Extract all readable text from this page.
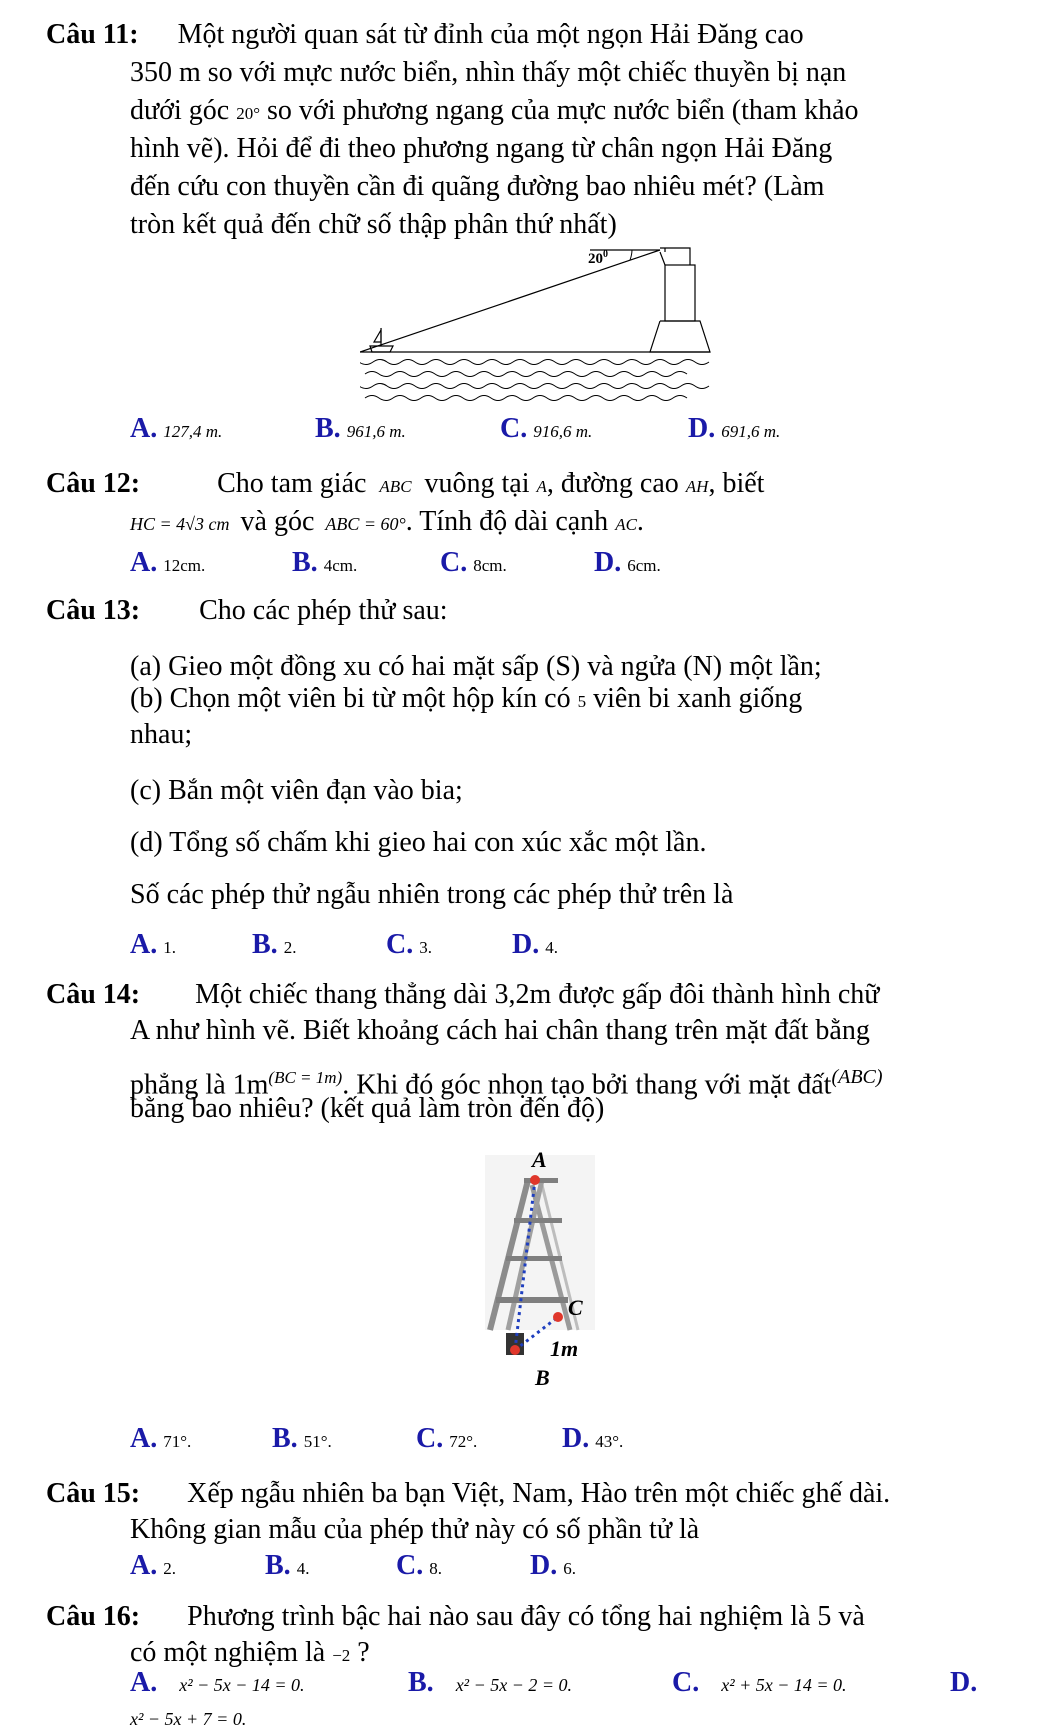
Câu 11: Một người quan sát từ đỉnh của một ngọn Hải Đăng cao
350 m so với mực nước biển, nhìn thấy một chiếc thuyền bị nạn
dưới góc 20° so với phương ngang của mực nước biển (tham khảo
hình vẽ). Hỏi để đi theo phương ngang từ chân ngọn Hải Đăng
đến cứu con thuyền cần đi quãng đường bao nhiêu mét? (Làm
tròn kết quả đến chữ số thập phân thứ nhất)
$20^0$
A. 127,4 m.	B. 961,6 m.	C. 916,6 m.	D. 691,6 m.
Câu 12:	Cho tam giác ABC vuông tại A, đường cao AH, biết
HC = 4√3 cm và góc ABC = 60°. Tính độ dài cạnh AC.
A. 12cm.	B. 4cm.	C. 8cm.	D. 6cm.
Câu 13: Cho các phép thử sau:
(a) Gieo một đồng xu có hai mặt sấp (S) và ngửa (N) một lần;
(b) Chọn một viên bi từ một hộp kín có 5 viên bi xanh giống
nhau;
(c) Bắn một viên đạn vào bia;
(d) Tổng số chấm khi gieo hai con xúc xắc một lần.
Số các phép thử ngẫu nhiên trong các phép thử trên là
A. 1.	B. 2.	C. 3.	D. 4.
Câu 14: Một chiếc thang thẳng dài 3,2m được gấp đôi thành hình chữ
A như hình vẽ. Biết khoảng cách hai chân thang trên mặt đất bằng
phẳng là $1m^{(BC = 1m)}$. Khi đó góc nhọn tạo bởi thang với mặt đất$^{(ABC)}$
bằng bao nhiêu? (kết quả làm tròn đến độ)
A
C
1m
B
A. 71°.	B. 51°.	C. 72°.	D. 43°.
Câu 15: Xếp ngẫu nhiên ba bạn Việt, Nam, Hào trên một chiếc ghế dài.
Không gian mẫu của phép thử này có số phần tử là
A. 2.	B. 4.	C. 8.	D. 6.
Câu 16: Phương trình bậc hai nào sau đây có tổng hai nghiệm là 5 và
có một nghiệm là −2 ?
A. x² − 5x − 14 = 0.	B. x² − 5x − 2 = 0.	C. x² + 5x − 14 = 0.	D.
x² − 5x + 7 = 0.
